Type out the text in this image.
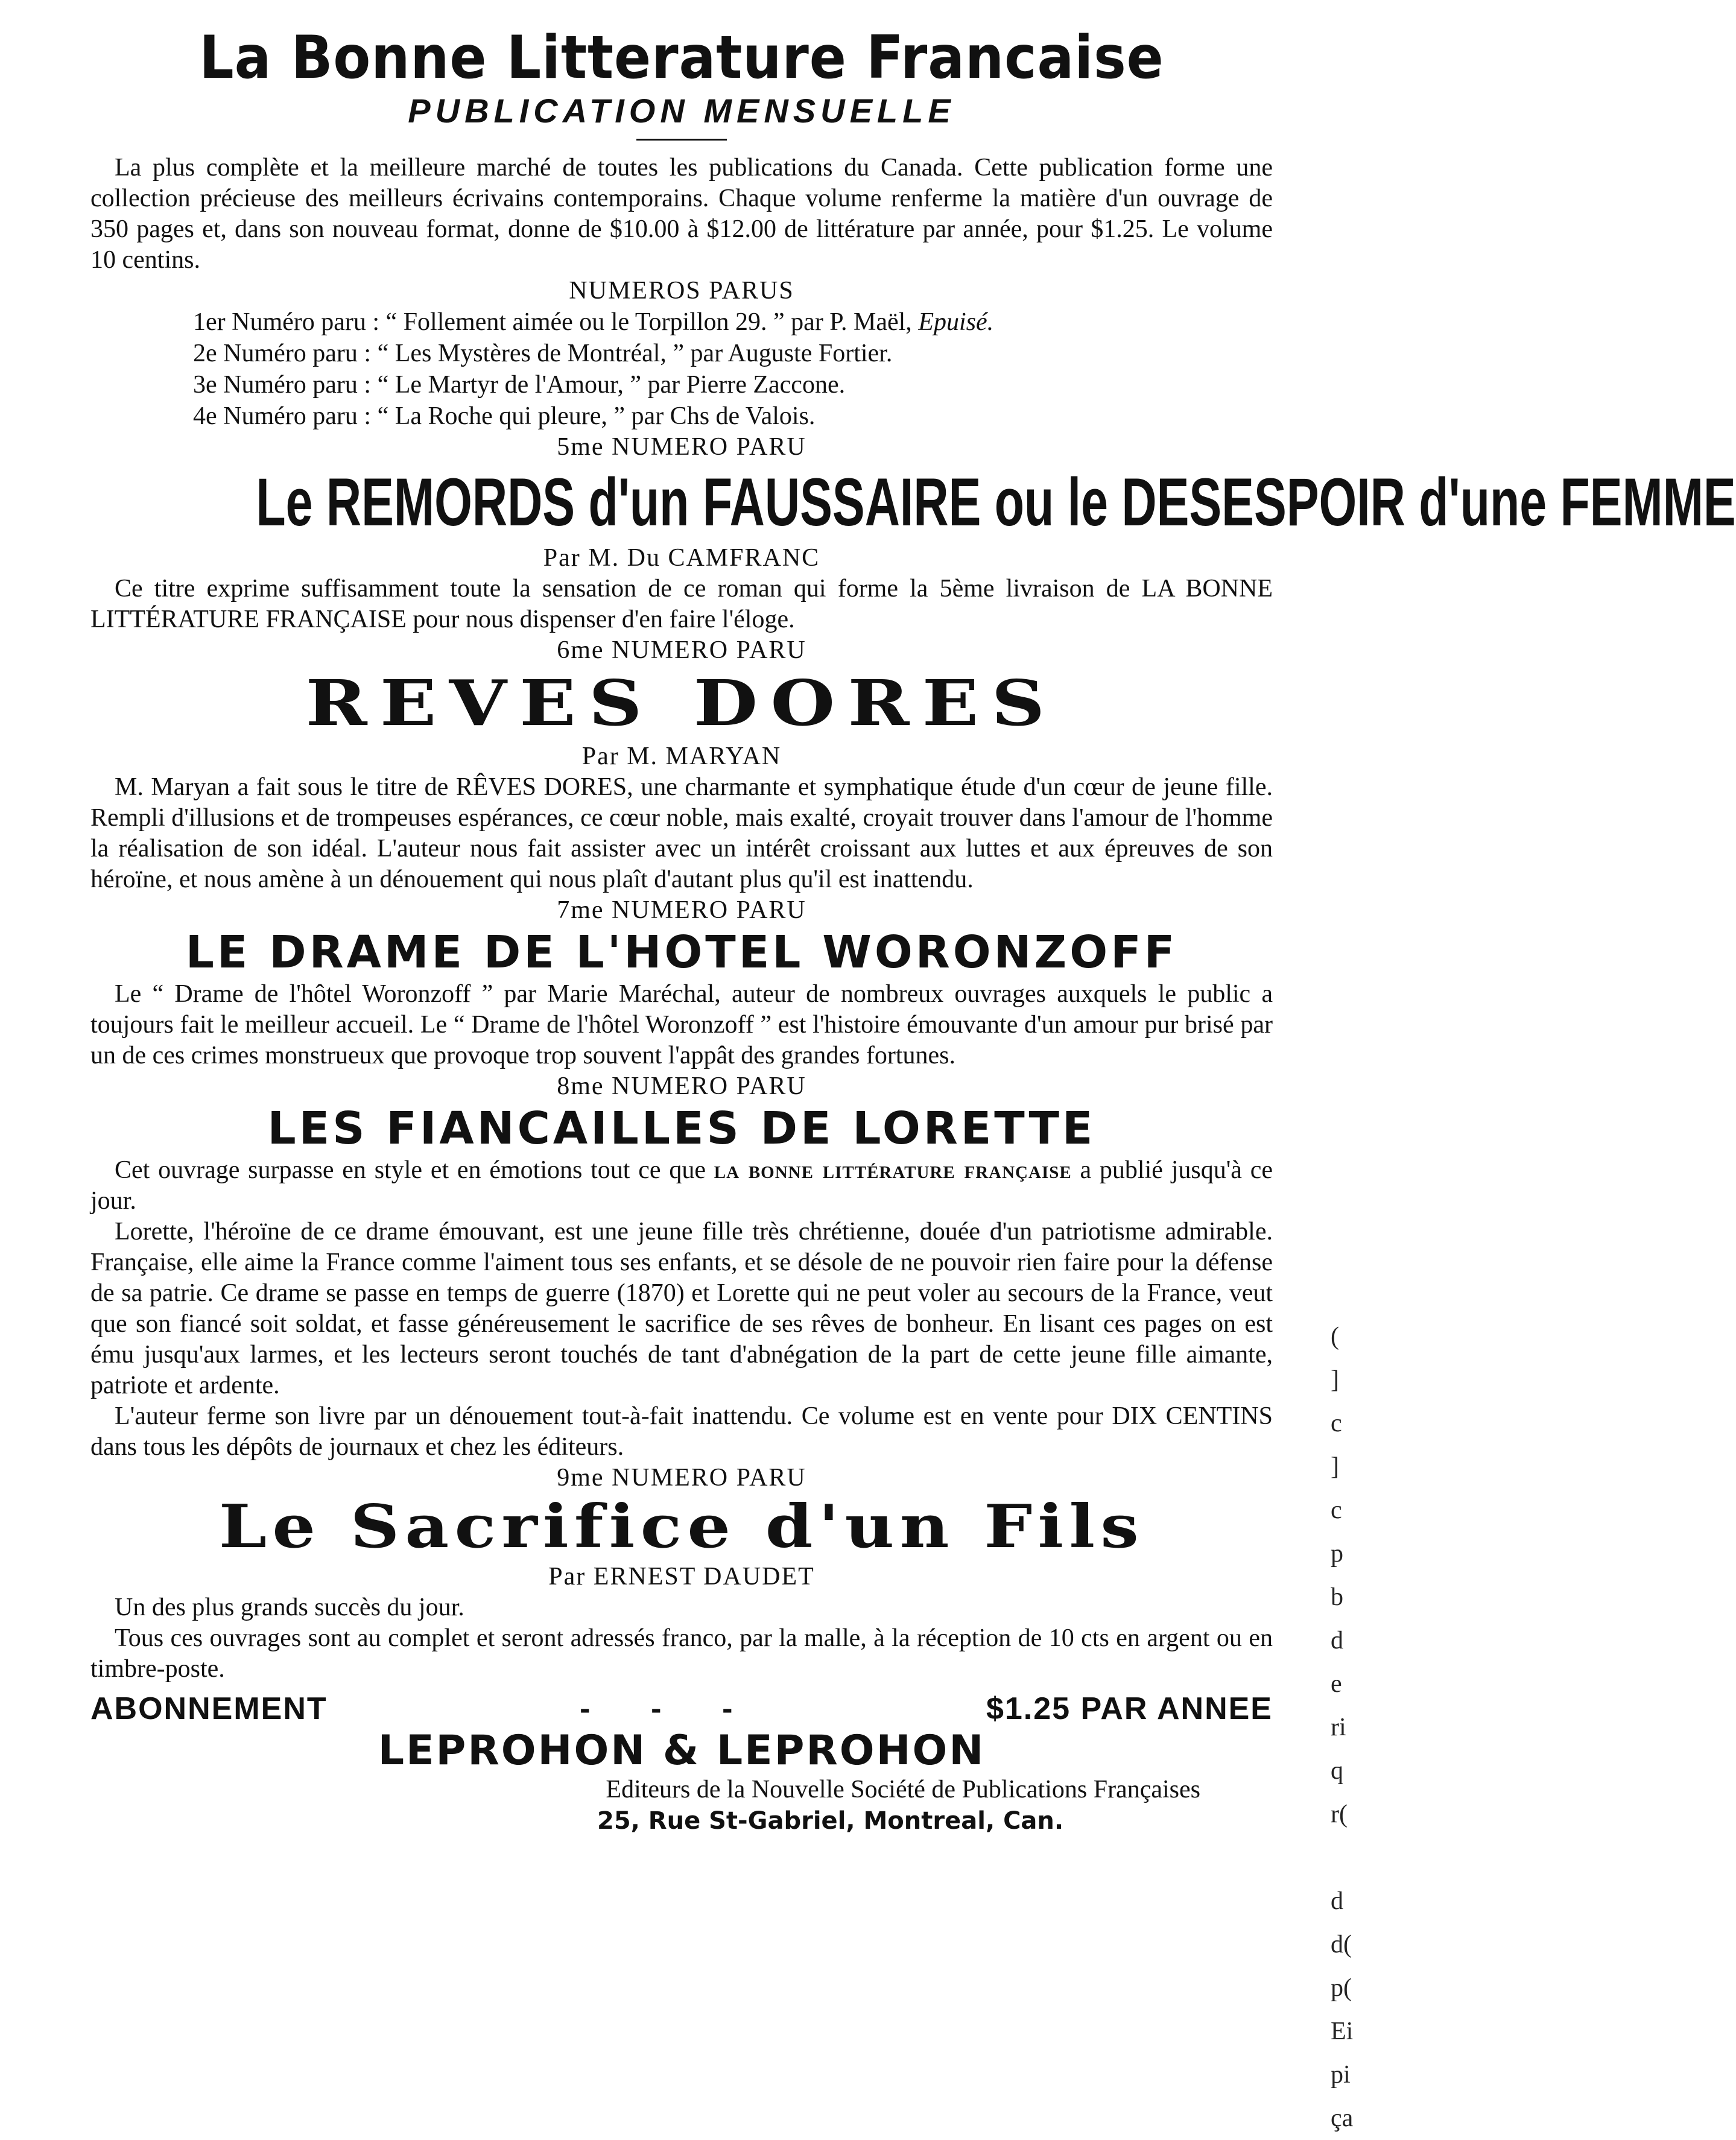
La Bonne Litterature Francaise

PUBLICATION MENSUELLE

La plus complète et la meilleure marché de toutes les publications du Canada. Cette publication forme une collection précieuse des meilleurs écrivains contemporains. Chaque volume renferme la matière d'un ouvrage de 350 pages et, dans son nouveau format, donne de $10.00 à $12.00 de littérature par année, pour $1.25. Le volume 10 centins.

NUMEROS PARUS

1er Numéro paru : “ Follement aimée ou le Torpillon 29. ” par P. Maël, Epuisé.
2e Numéro paru : “ Les Mystères de Montréal, ” par Auguste Fortier.
3e Numéro paru : “ Le Martyr de l'Amour, ” par Pierre Zaccone.
4e Numéro paru : “ La Roche qui pleure, ” par Chs de Valois.

5me NUMERO PARU

Le REMORDS d'un FAUSSAIRE ou le DESESPOIR d'une FEMME

Par M. Du CAMFRANC

Ce titre exprime suffisamment toute la sensation de ce roman qui forme la 5ème livraison de LA BONNE LITTÉRATURE FRANÇAISE pour nous dispenser d'en faire l'éloge.

6me NUMERO PARU

REVES DORES

Par M. MARYAN

M. Maryan a fait sous le titre de RÊVES DORES, une charmante et symphatique étude d'un cœur de jeune fille. Rempli d'illusions et de trompeuses espérances, ce cœur noble, mais exalté, croyait trouver dans l'amour de l'homme la réalisation de son idéal. L'auteur nous fait assister avec un intérêt croissant aux luttes et aux épreuves de son héroïne, et nous amène à un dénouement qui nous plaît d'autant plus qu'il est inattendu.

7me NUMERO PARU

LE DRAME DE L'HOTEL WORONZOFF

Le “ Drame de l'hôtel Woronzoff ” par Marie Maréchal, auteur de nombreux ouvrages auxquels le public a toujours fait le meilleur accueil. Le “ Drame de l'hôtel Woronzoff ” est l'histoire émouvante d'un amour pur brisé par un de ces crimes monstrueux que provoque trop souvent l'appât des grandes fortunes.

8me NUMERO PARU

LES FIANCAILLES DE LORETTE

Cet ouvrage surpasse en style et en émotions tout ce que la bonne littérature française a publié jusqu'à ce jour.

Lorette, l'héroïne de ce drame émouvant, est une jeune fille très chrétienne, douée d'un patriotisme admirable. Française, elle aime la France comme l'aiment tous ses enfants, et se désole de ne pouvoir rien faire pour la défense de sa patrie. Ce drame se passe en temps de guerre (1870) et Lorette qui ne peut voler au secours de la France, veut que son fiancé soit soldat, et fasse généreusement le sacrifice de ses rêves de bonheur. En lisant ces pages on est ému jusqu'aux larmes, et les lecteurs seront touchés de tant d'abnégation de la part de cette jeune fille aimante, patriote et ardente.

L'auteur ferme son livre par un dénouement tout-à-fait inattendu. Ce volume est en vente pour DIX CENTINS dans tous les dépôts de journaux et chez les éditeurs.

9me NUMERO PARU

Le Sacrifice d'un Fils

Par ERNEST DAUDET

Un des plus grands succès du jour.

Tous ces ouvrages sont au complet et seront adressés franco, par la malle, à la réception de 10 cts en argent ou en timbre-poste.

ABONNEMENT	-      -      -	$1.25 PAR ANNEE

LEPROHON & LEPROHON

Editeurs de la Nouvelle Société de Publications Françaises

25, Rue St-Gabriel, Montreal, Can.

(
]
c
]
c
p
b
d
e
ri
q
r(

d
d(
p(
Ei
pi
ça
